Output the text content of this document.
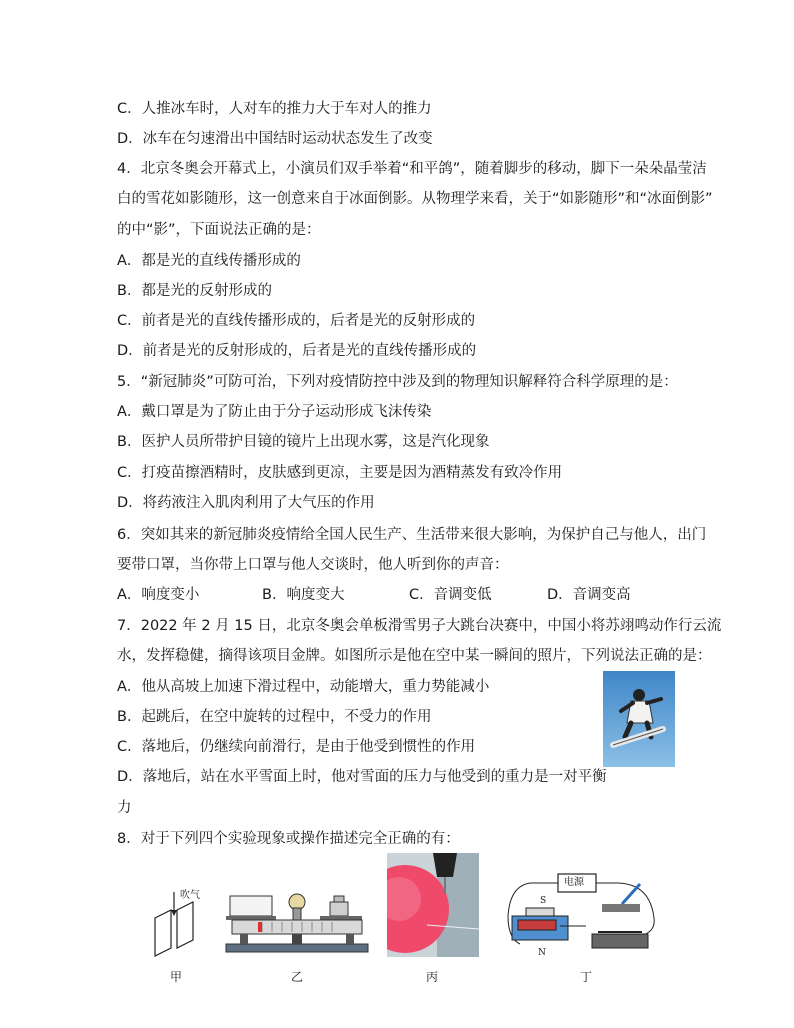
C．人推冰车时，人对车的推力大于车对人的推力
D．冰车在匀速滑出中国结时运动状态发生了改变
4．北京冬奥会开幕式上，小演员们双手举着“和平鸽”，随着脚步的移动，脚下一朵朵晶莹洁
白的雪花如影随形，这一创意来自于冰面倒影。从物理学来看，关于“如影随形”和“冰面倒影”
的中“影”，下面说法正确的是：
A．都是光的直线传播形成的
B．都是光的反射形成的
C．前者是光的直线传播形成的，后者是光的反射形成的
D．前者是光的反射形成的，后者是光的直线传播形成的
5．“新冠肺炎”可防可治，下列对疫情防控中涉及到的物理知识解释符合科学原理的是：
A．戴口罩是为了防止由于分子运动形成飞沫传染
B．医护人员所带护目镜的镜片上出现水雾，这是汽化现象
C．打疫苗擦酒精时，皮肤感到更凉，主要是因为酒精蒸发有致冷作用
D．将药液注入肌肉利用了大气压的作用
6．突如其来的新冠肺炎疫情给全国人民生产、生活带来很大影响，为保护自己与他人，出门
要带口罩，当你带上口罩与他人交谈时，他人听到你的声音：
A．响度变小	B．响度变大	C．音调变低	D．音调变高
7．2022 年 2 月 15 日，北京冬奥会单板滑雪男子大跳台决赛中，中国小将苏翊鸣动作行云流
水，发挥稳健，摘得该项目金牌。如图所示是他在空中某一瞬间的照片，下列说法正确的是：
A．他从高坡上加速下滑过程中，动能增大，重力势能减小
B．起跳后，在空中旋转的过程中，不受力的作用
C．落地后，仍继续向前滑行，是由于他受到惯性的作用
D．落地后，站在水平雪面上时，他对雪面的压力与他受到的重力是一对平衡
力
8．对于下列四个实验现象或操作描述完全正确的有：
吹气
电源
S
N
甲	乙	丙	丁
